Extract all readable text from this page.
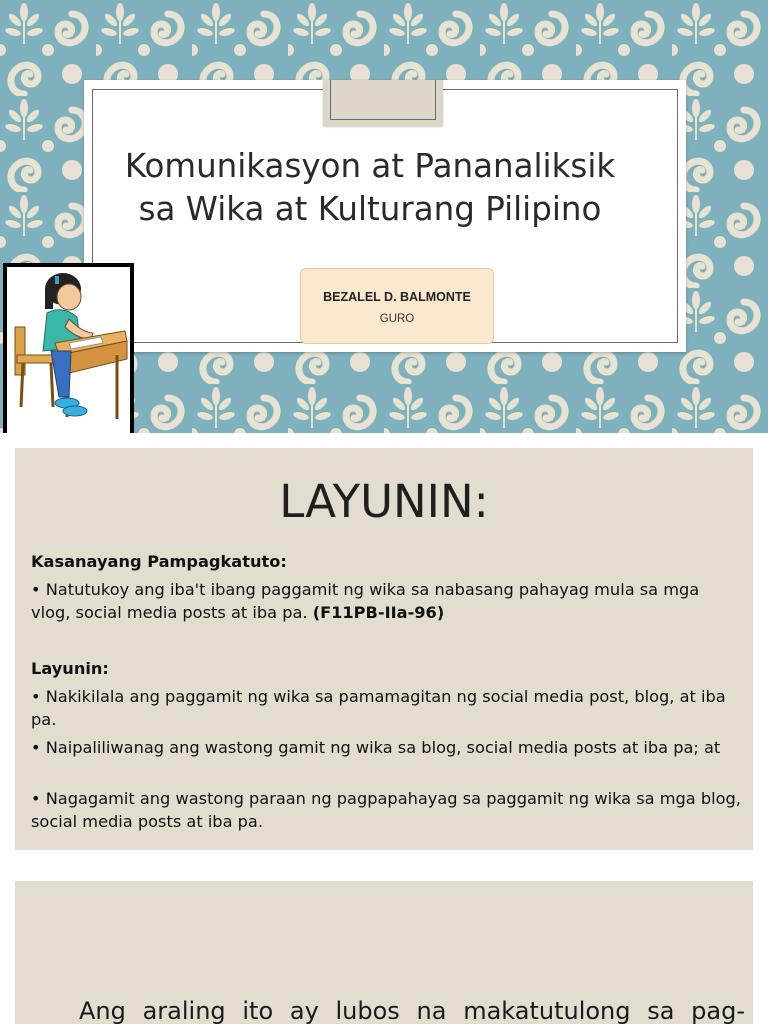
Komunikasyon at Pananaliksik
sa Wika at Kulturang Pilipino
BEZALEL D. BALMONTE
GURO
LAYUNIN:
Kasanayang Pampagkatuto:
• Natutukoy ang iba't ibang paggamit ng wika sa nabasang pahayag mula sa mga vlog, social media posts at iba pa. (F11PB-IIa-96)
Layunin:
• Nakikilala ang paggamit ng wika sa pamamagitan ng social media post, blog, at iba pa.
• Naipaliliwanag ang wastong gamit ng wika sa blog, social media posts at iba pa; at
• Nagagamit ang wastong paraan ng pagpapahayag sa paggamit ng wika sa mga blog, social media posts at iba pa.
Ang araling ito ay lubos na makatutulong sa pag-
